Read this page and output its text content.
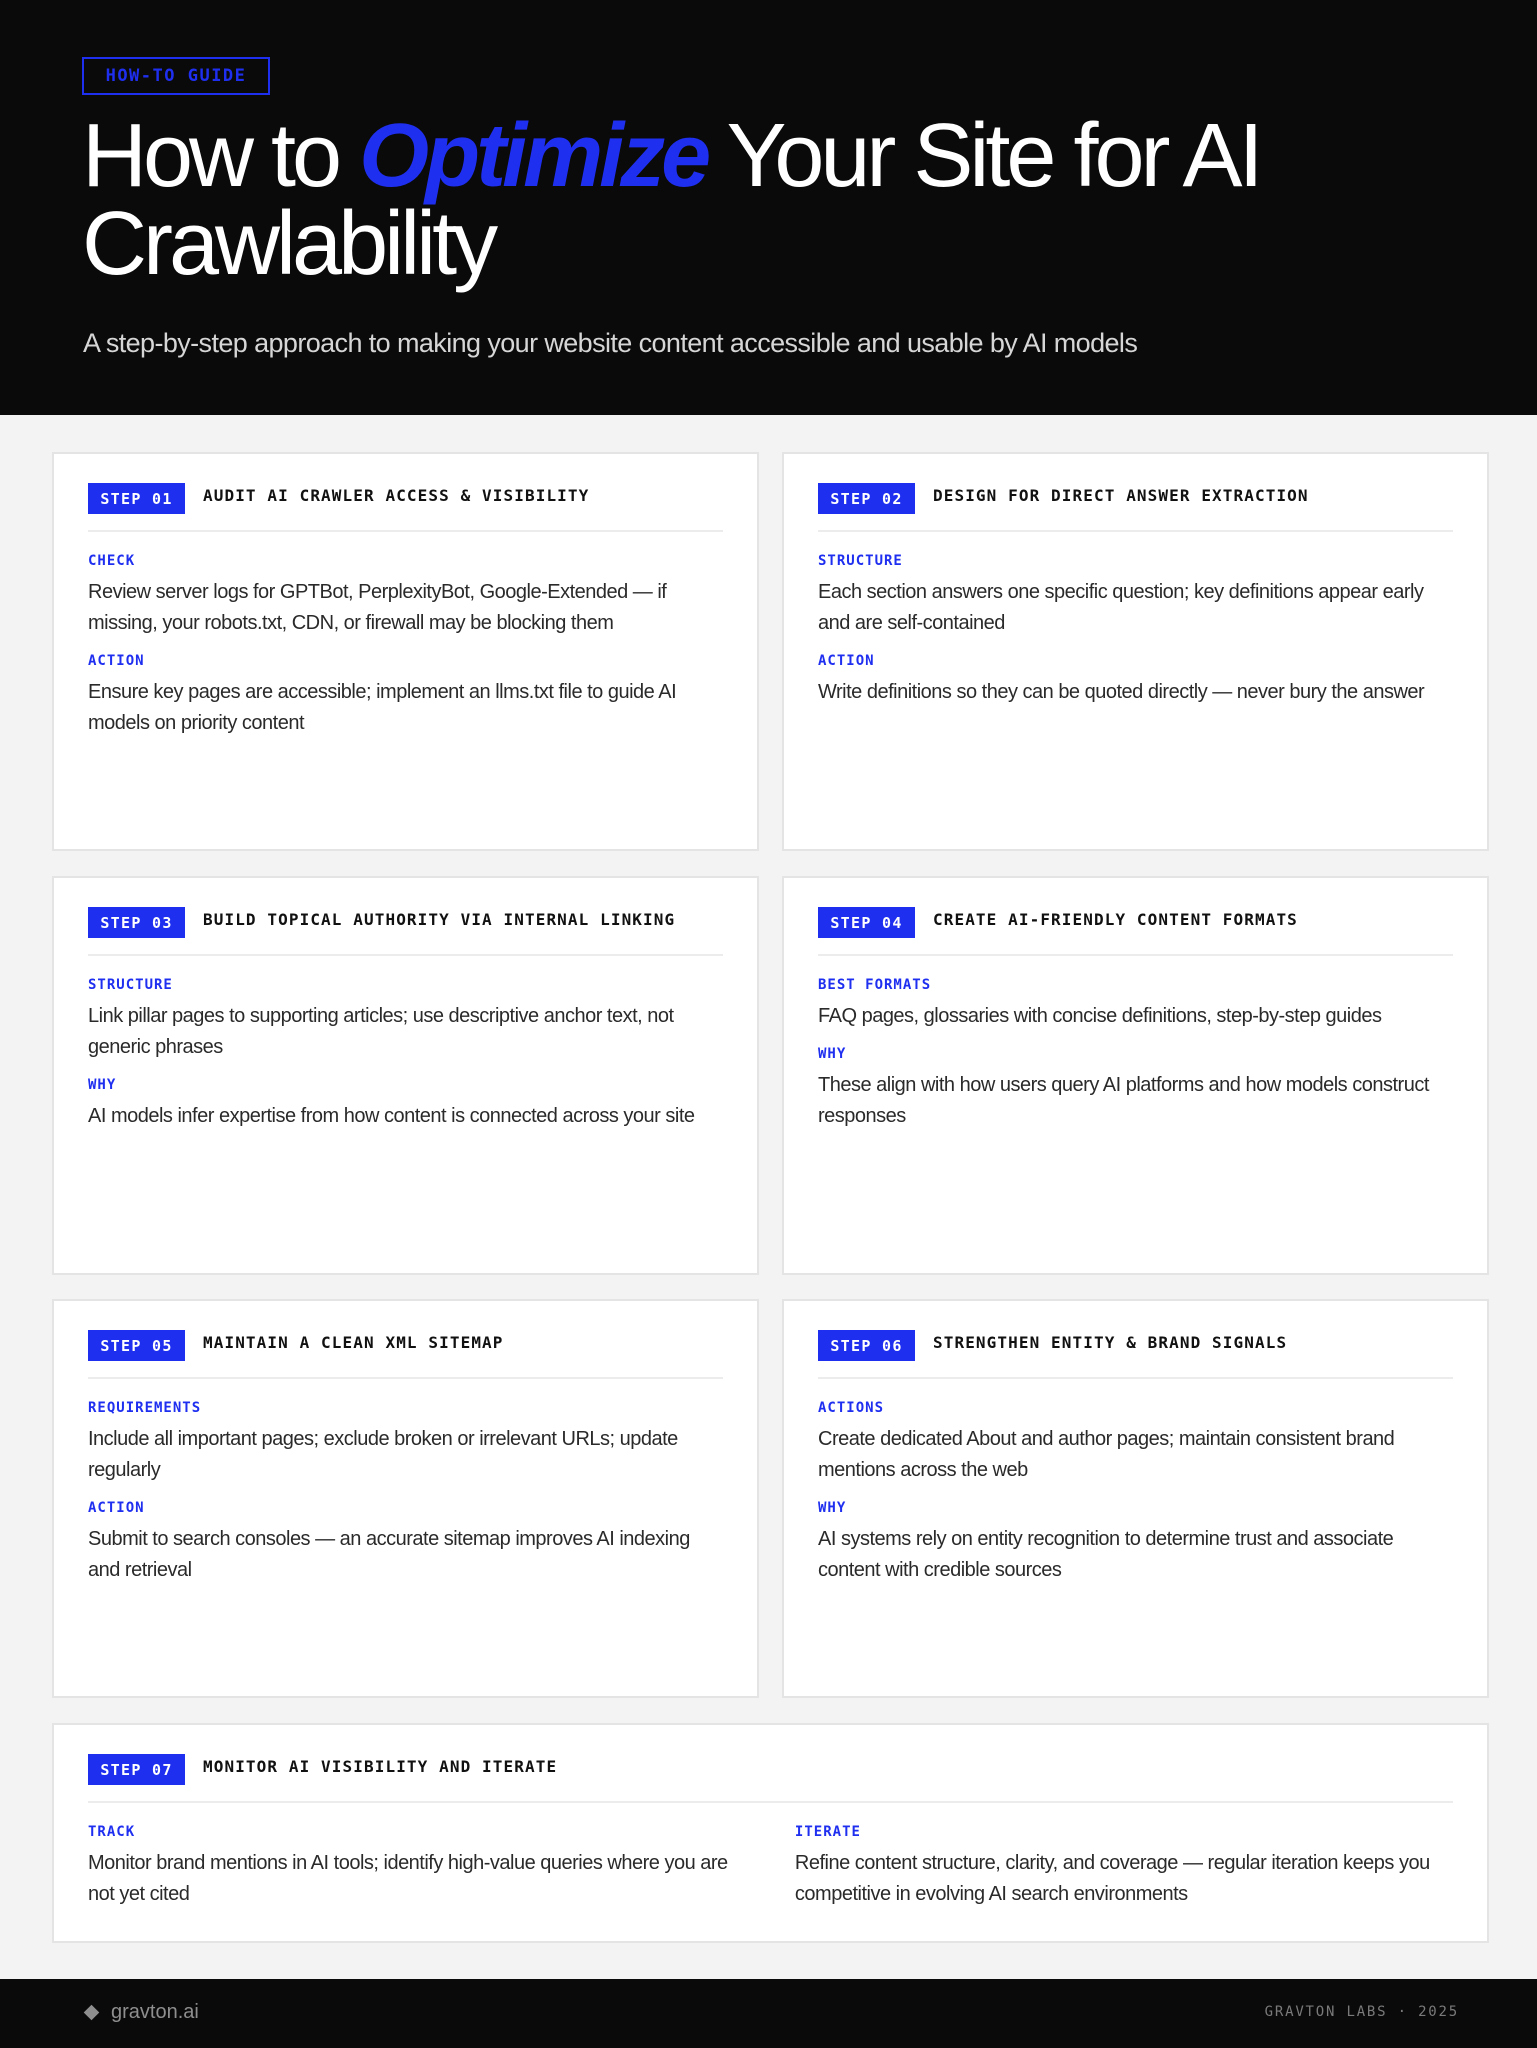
HOW-TO GUIDE
How to Optimize Your Site for AI Crawlability

A step-by-step approach to making your website content accessible and usable by AI models

STEP 01	AUDIT AI CRAWLER ACCESS & VISIBILITY
CHECK

Review server logs for GPTBot, PerplexityBot, Google-Extended — if missing, your robots.txt, CDN, or firewall may be blocking them

ACTION

Ensure key pages are accessible; implement an llms.txt file to guide AI models on priority content

STEP 02	DESIGN FOR DIRECT ANSWER EXTRACTION
STRUCTURE

Each section answers one specific question; key definitions appear early and are self-contained

ACTION

Write definitions so they can be quoted directly — never bury the answer

STEP 03	BUILD TOPICAL AUTHORITY VIA INTERNAL LINKING
STRUCTURE

Link pillar pages to supporting articles; use descriptive anchor text, not generic phrases

WHY

AI models infer expertise from how content is connected across your site

STEP 04	CREATE AI-FRIENDLY CONTENT FORMATS
BEST FORMATS

FAQ pages, glossaries with concise definitions, step-by-step guides

WHY

These align with how users query AI platforms and how models construct responses

STEP 05	MAINTAIN A CLEAN XML SITEMAP
REQUIREMENTS

Include all important pages; exclude broken or irrelevant URLs; update regularly

ACTION

Submit to search consoles — an accurate sitemap improves AI indexing and retrieval

STEP 06	STRENGTHEN ENTITY & BRAND SIGNALS
ACTIONS

Create dedicated About and author pages; maintain consistent brand mentions across the web

WHY

AI systems rely on entity recognition to determine trust and associate content with credible sources

STEP 07	MONITOR AI VISIBILITY AND ITERATE
TRACK

Monitor brand mentions in AI tools; identify high-value queries where you are not yet cited

ITERATE

Refine content structure, clarity, and coverage — regular iteration keeps you competitive in evolving AI search environments

gravton.ai	GRAVTON LABS · 2025
